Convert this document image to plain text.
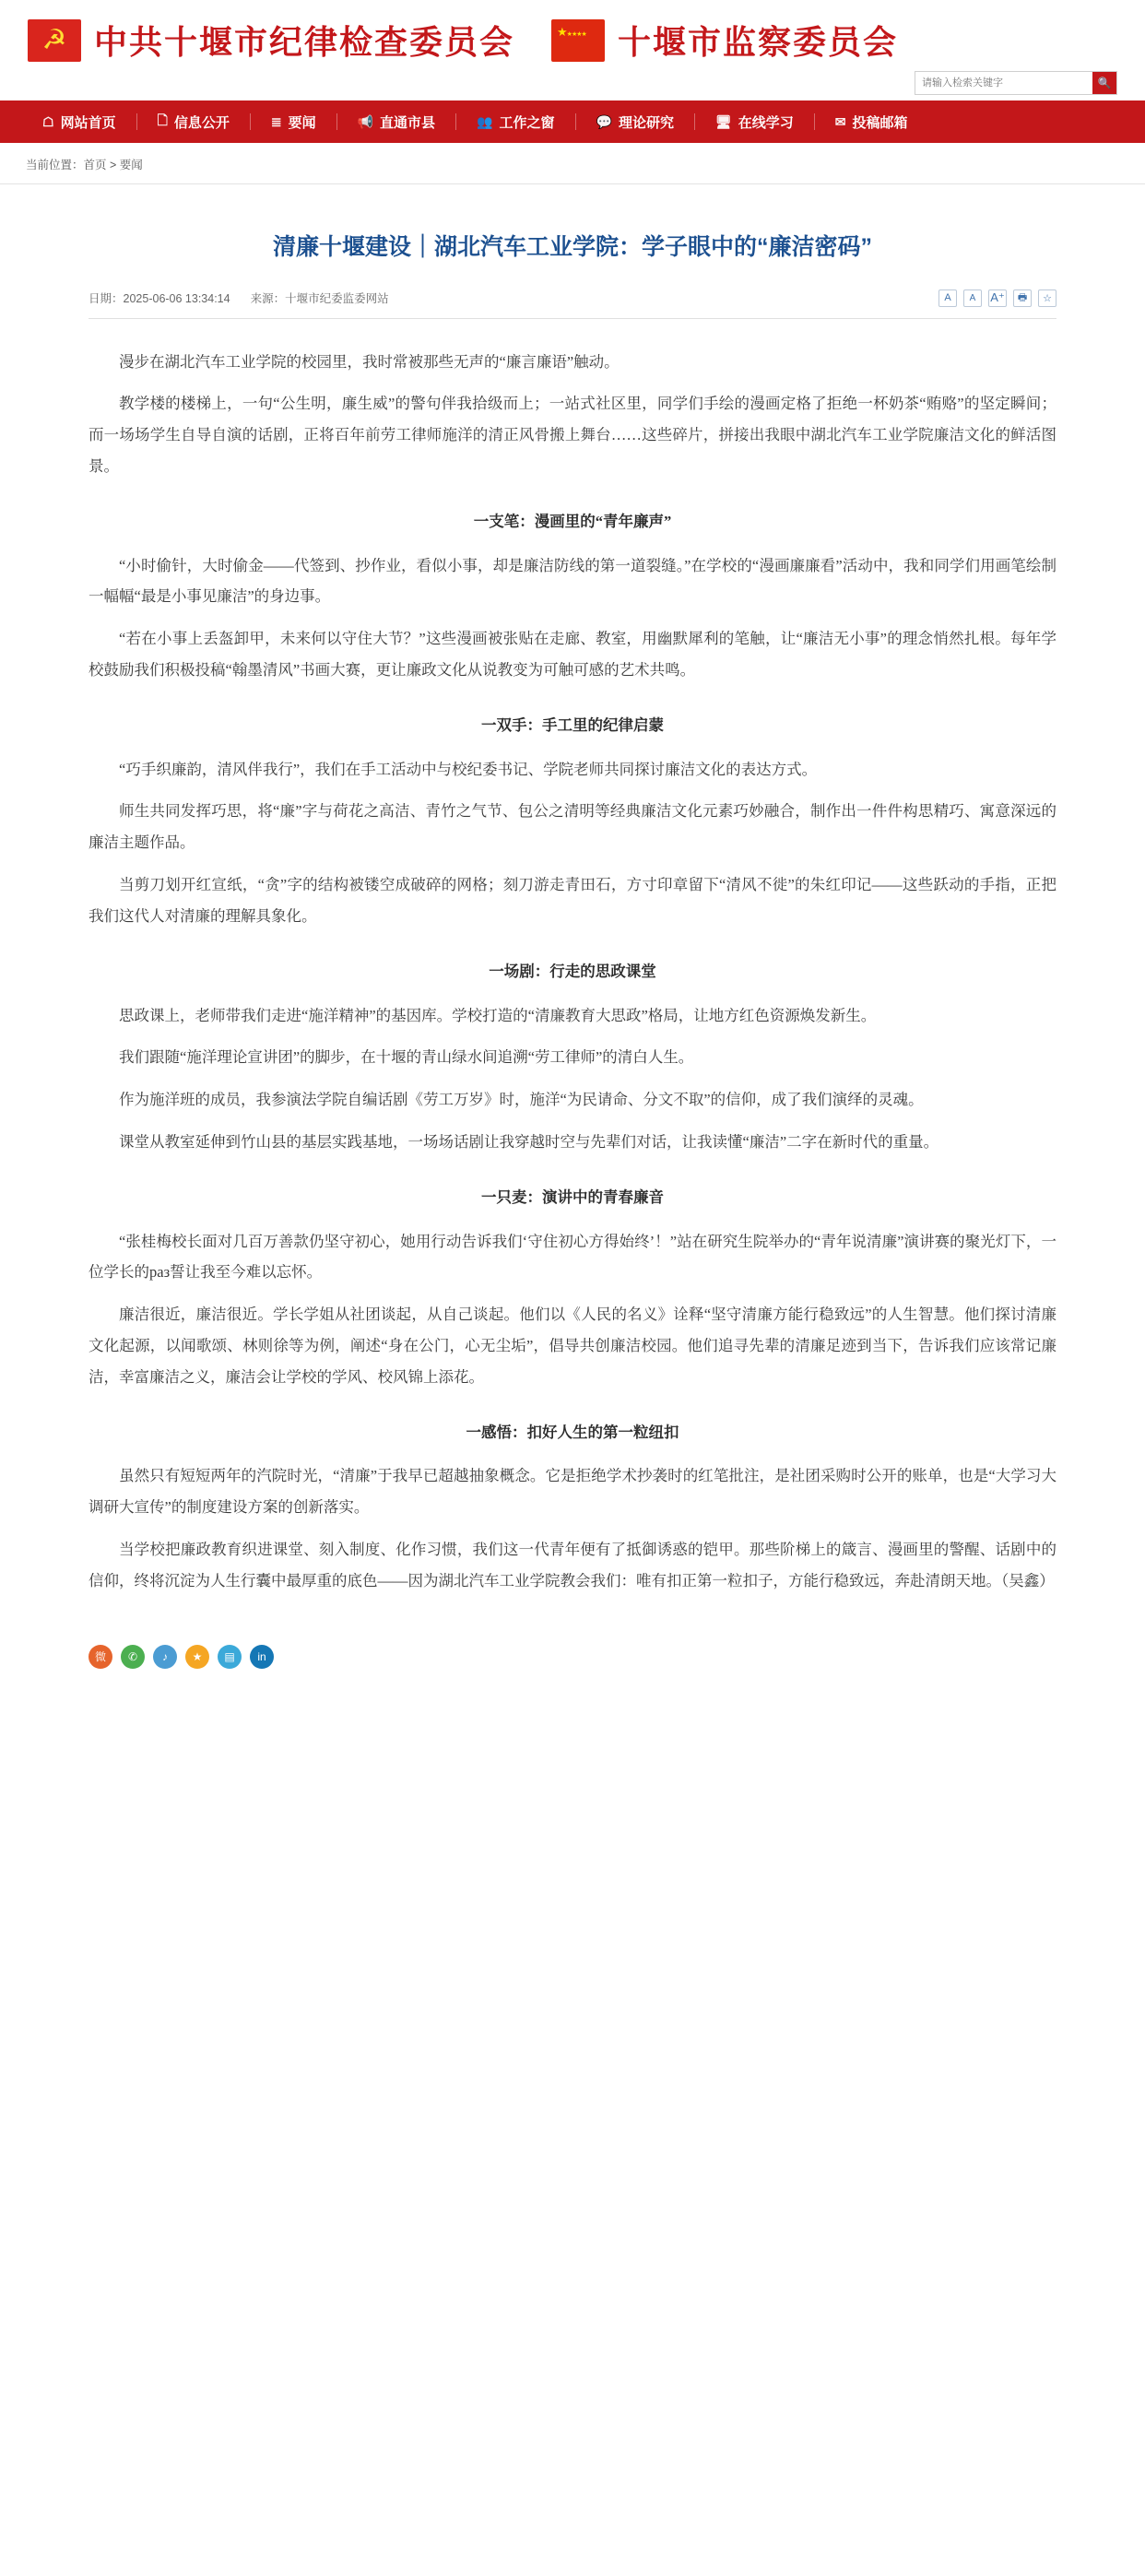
☭ 中共十堰市纪律检查委员会	★★★★★ 十堰市监察委员会
请输入检索关键字
🔍
☖ 网站首页	🗋 信息公开	≣ 要闻	📢 直通市县	👥 工作之窗	💬 理论研究	🖥 在线学习	✉ 投稿邮箱
当前位置：首页 > 要闻
清廉十堰建设｜湖北汽车工业学院：学子眼中的“廉洁密码”
日期：2025-06-06 13:34:14 来源：十堰市纪委监委网站	A	A	A⁺	🖶	☆

漫步在湖北汽车工业学院的校园里，我时常被那些无声的“廉言廉语”触动。

教学楼的楼梯上，一句“公生明，廉生威”的警句伴我拾级而上；一站式社区里，同学们手绘的漫画定格了拒绝一杯奶茶“贿赂”的坚定瞬间；而一场场学生自导自演的话剧，正将百年前劳工律师施洋的清正风骨搬上舞台……这些碎片，拼接出我眼中湖北汽车工业学院廉洁文化的鲜活图景。

一支笔：漫画里的“青年廉声”

“小时偷针，大时偷金——代签到、抄作业，看似小事，却是廉洁防线的第一道裂缝。”在学校的“漫画廉廉看”活动中，我和同学们用画笔绘制一幅幅“最是小事见廉洁”的身边事。

“若在小事上丢盔卸甲，未来何以守住大节？”这些漫画被张贴在走廊、教室，用幽默犀利的笔触，让“廉洁无小事”的理念悄然扎根。每年学校鼓励我们积极投稿“翰墨清风”书画大赛，更让廉政文化从说教变为可触可感的艺术共鸣。

一双手：手工里的纪律启蒙

“巧手织廉韵，清风伴我行”，我们在手工活动中与校纪委书记、学院老师共同探讨廉洁文化的表达方式。

师生共同发挥巧思，将“廉”字与荷花之高洁、青竹之气节、包公之清明等经典廉洁文化元素巧妙融合，制作出一件件构思精巧、寓意深远的廉洁主题作品。

当剪刀划开红宣纸，“贪”字的结构被镂空成破碎的网格；刻刀游走青田石，方寸印章留下“清风不徙”的朱红印记——这些跃动的手指，正把我们这代人对清廉的理解具象化。

一场剧：行走的思政课堂

思政课上，老师带我们走进“施洋精神”的基因库。学校打造的“清廉教育大思政”格局，让地方红色资源焕发新生。

我们跟随“施洋理论宣讲团”的脚步，在十堰的青山绿水间追溯“劳工律师”的清白人生。

作为施洋班的成员，我参演法学院自编话剧《劳工万岁》时，施洋“为民请命、分文不取”的信仰，成了我们演绎的灵魂。

课堂从教室延伸到竹山县的基层实践基地，一场场话剧让我穿越时空与先辈们对话，让我读懂“廉洁”二字在新时代的重量。

一只麦：演讲中的青春廉音

“张桂梅校长面对几百万善款仍坚守初心，她用行动告诉我们‘守住初心方得始终’！”站在研究生院举办的“青年说清廉”演讲赛的聚光灯下，一位学长的раз誓让我至今难以忘怀。

廉洁很近，廉洁很近。学长学姐从社团谈起，从自己谈起。他们以《人民的名义》诠释“坚守清廉方能行稳致远”的人生智慧。他们探讨清廉文化起源，以闻歌颂、林则徐等为例，阐述“身在公门，心无尘垢”，倡导共创廉洁校园。他们追寻先辈的清廉足迹到当下，告诉我们应该常记廉洁，幸富廉洁之义，廉洁会让学校的学风、校风锦上添花。

一感悟：扣好人生的第一粒纽扣

虽然只有短短两年的汽院时光，“清廉”于我早已超越抽象概念。它是拒绝学术抄袭时的红笔批注，是社团采购时公开的账单，也是“大学习大调研大宣传”的制度建设方案的创新落实。

当学校把廉政教育织进课堂、刻入制度、化作习惯，我们这一代青年便有了抵御诱惑的铠甲。那些阶梯上的箴言、漫画里的警醒、话剧中的信仰，终将沉淀为人生行囊中最厚重的底色——因为湖北汽车工业学院教会我们：唯有扣正第一粒扣子，方能行稳致远，奔赴清朗天地。（吴鑫）

微	✆	♪	★	▤	in
